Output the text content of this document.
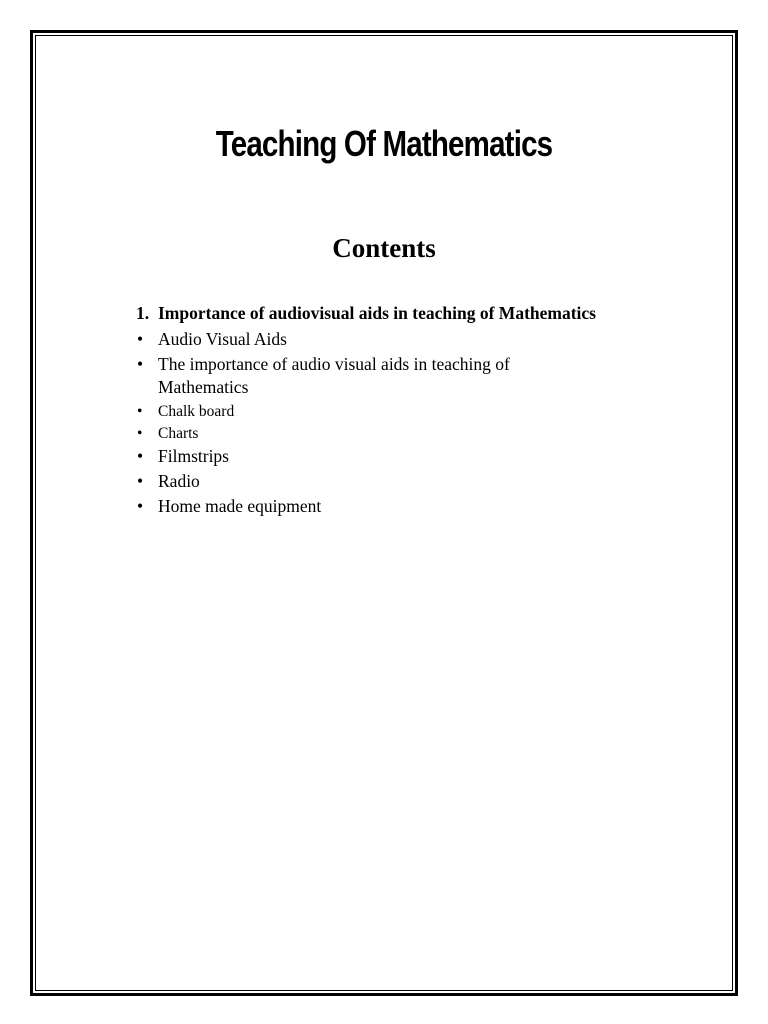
Teaching Of Mathematics
Contents
1. Importance of audiovisual aids in teaching of Mathematics
• Audio Visual Aids
• The importance of audio visual aids in teaching of Mathematics
• Chalk board
• Charts
• Filmstrips
• Radio
• Home made equipment
